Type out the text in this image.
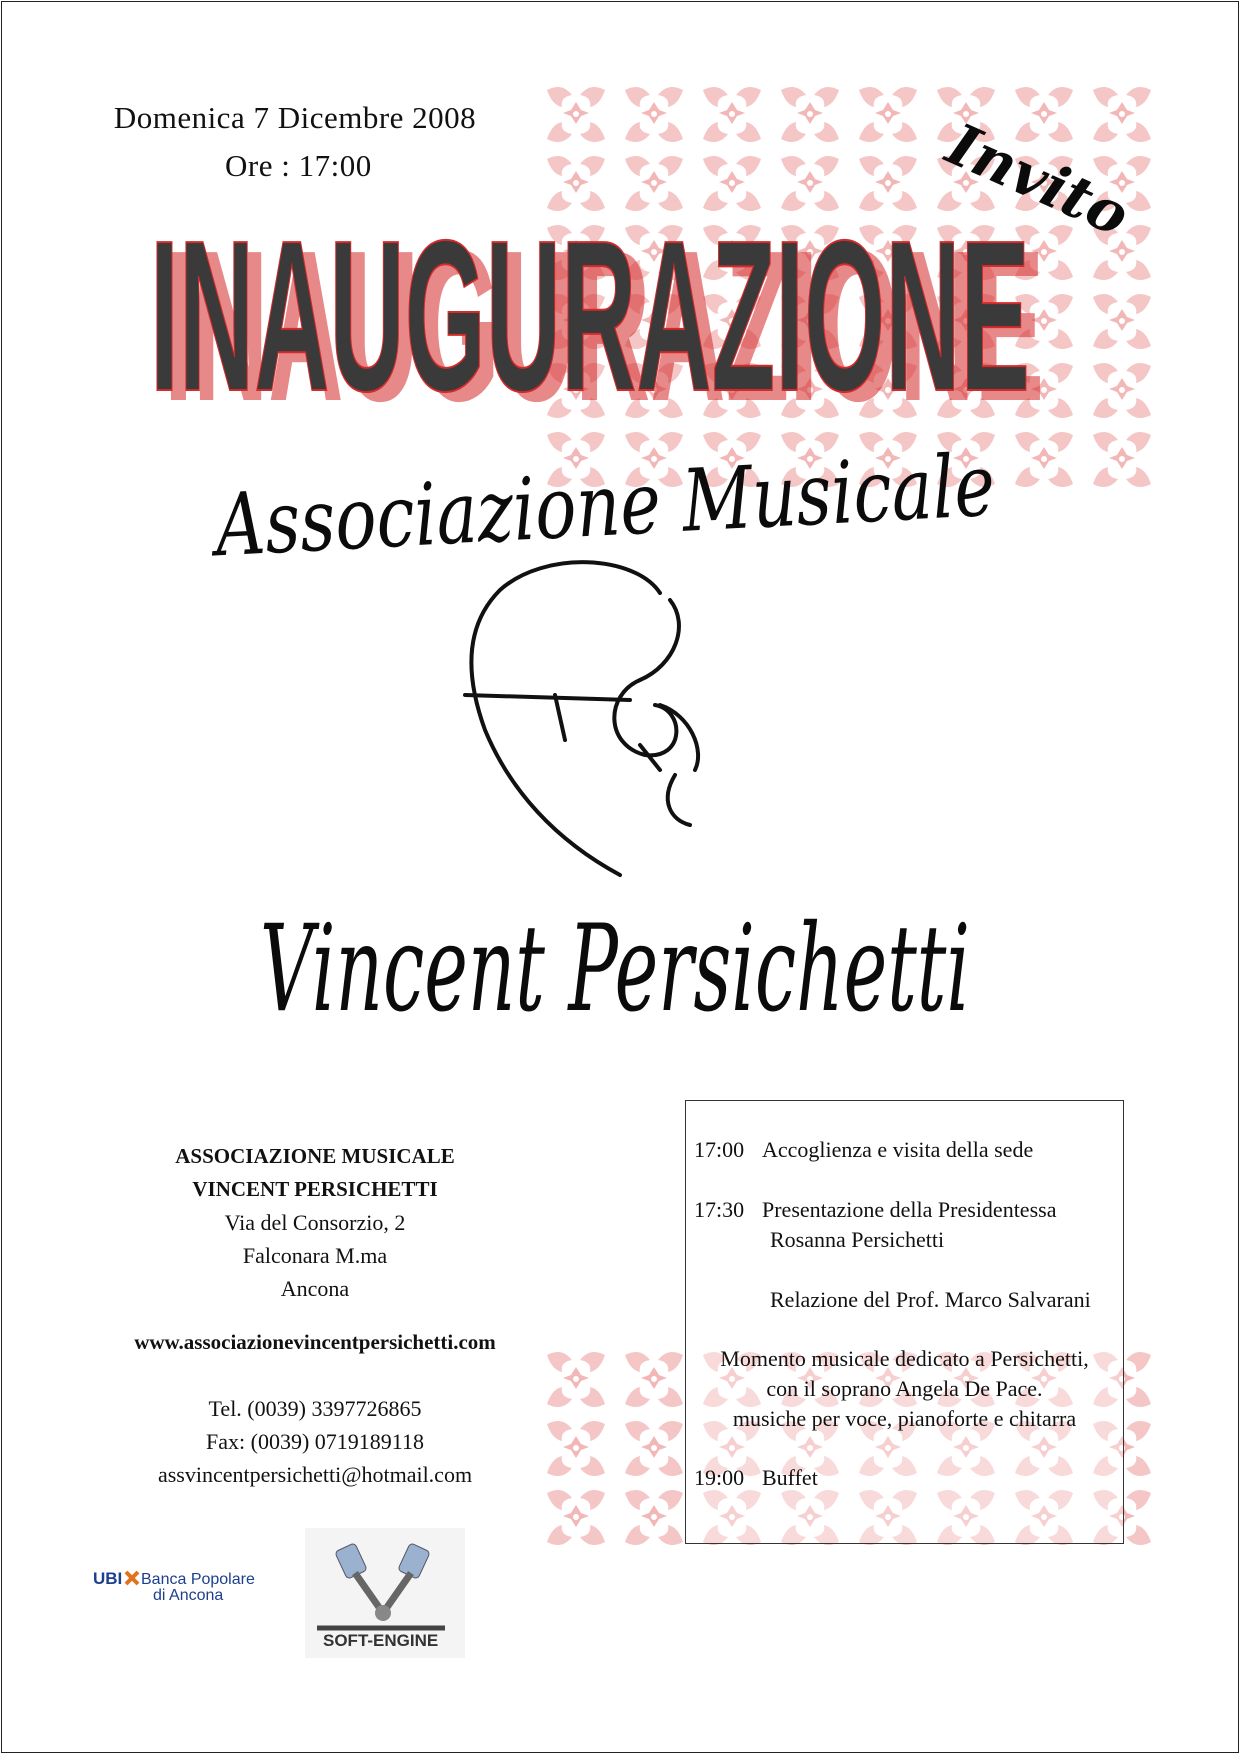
Domenica 7 Dicembre 2008
Ore : 17:00	Invito
INAUGURAZIONE
INAUGURAZIONE
Associazione Musicale
Vincent Persichetti
ASSOCIAZIONE MUSICALE
VINCENT PERSICHETTI
Via del Consorzio, 2
Falconara M.ma
Ancona
www.associazionevincentpersichetti.com
Tel. (0039) 3397726865
Fax: (0039) 0719189118
assvincentpersichetti@hotmail.com
UBI Banca Popolare
di Ancona
SOFT-ENGINE
17:00 Accoglienza e visita della sede
17:30 Presentazione della Presidentessa
Rosanna Persichetti
Relazione del Prof. Marco Salvarani
Momento musicale dedicato a Persichetti,
con il soprano Angela De Pace.
musiche per voce, pianoforte e chitarra
19:00 Buffet
